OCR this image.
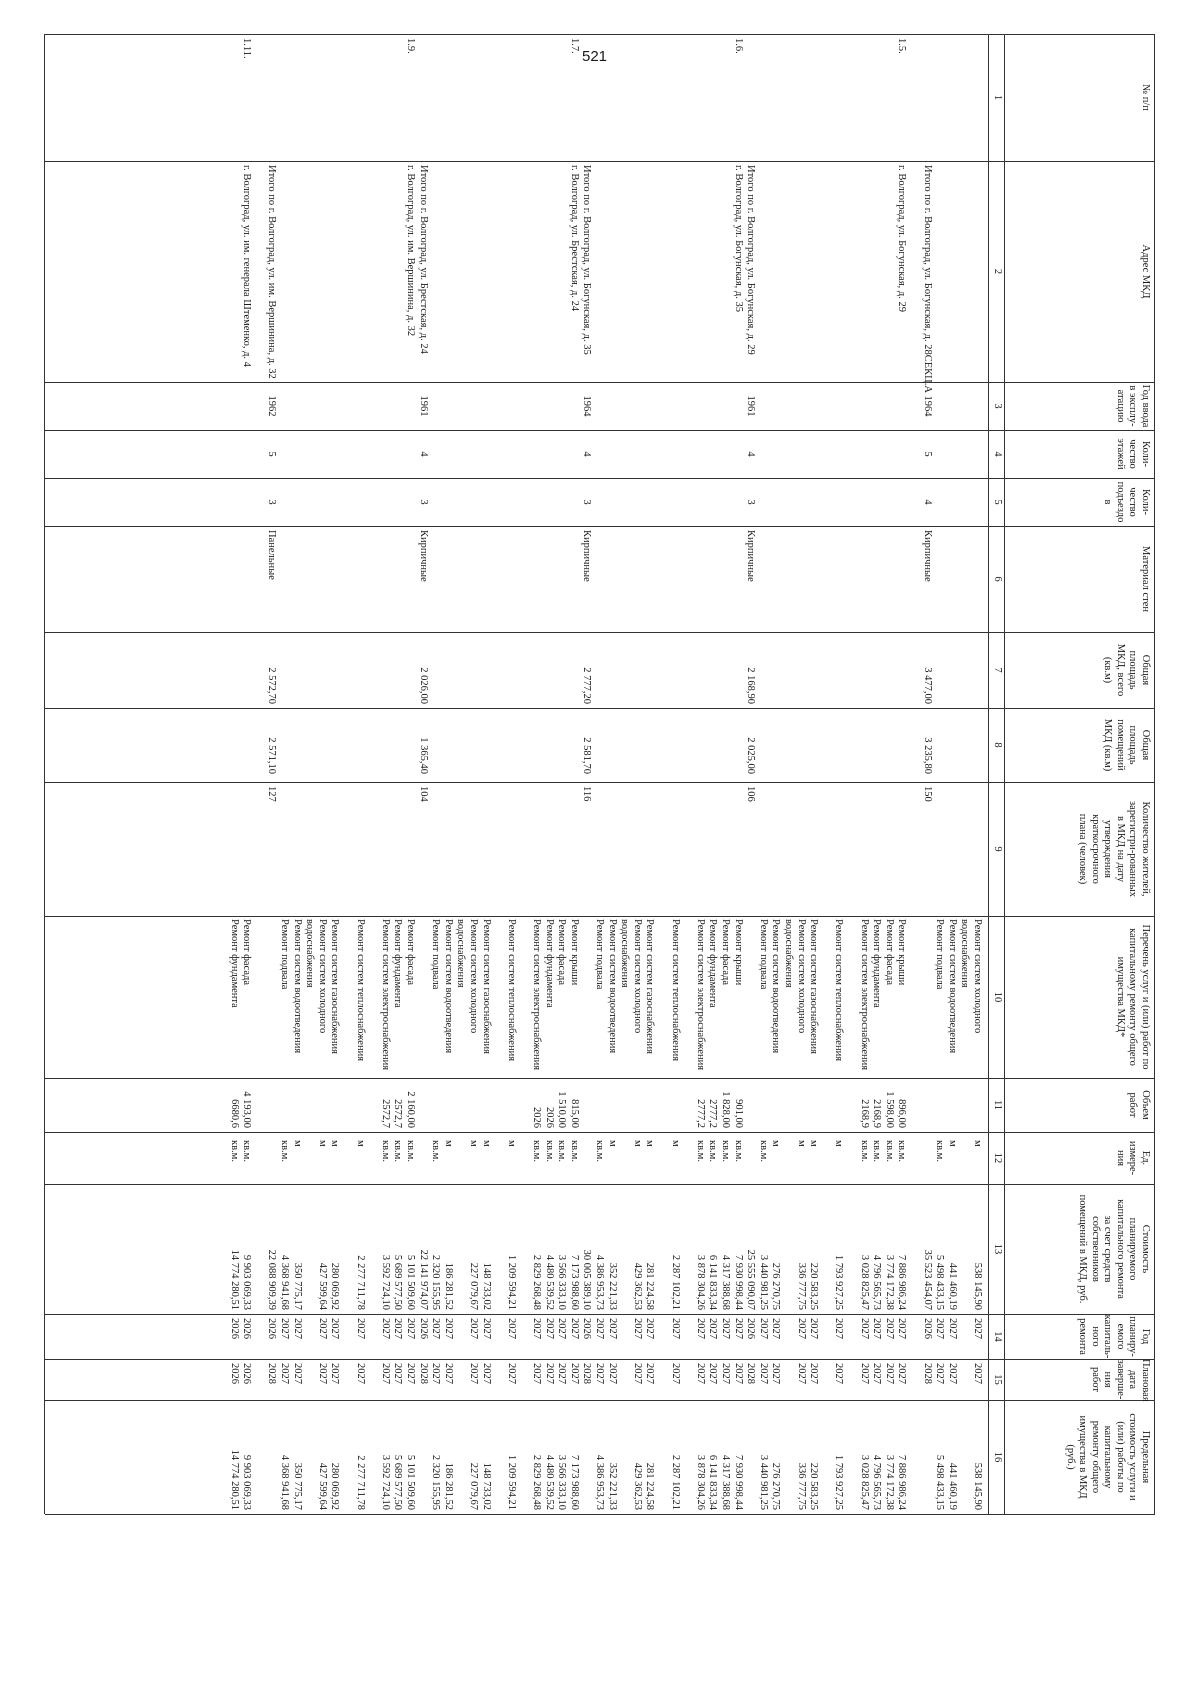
521
№ п/п
Адрес МКД
Год ввода
в эксплу-
атацию
Коли-
чество
этажей
Коли-
чество
подъездо
в
Материал стен
Общая
площадь
МКД, всего
(кв.м)
Общая
площадь
помещений
МКД (кв.м)
Количество жителей,
зарегистри-рованных
в МКД на дату
утверждения
краткосрочного
плана (человек)
Перечень услуг и (или) работ по
капитальному ремонту общего
имущества МКД*
Объем
работ
Ед.
измере-
ния
Стоимость
планируемого
капитального ремонта
за счет средств
собственников
помещений в МКД, руб.
Год
планиру-
емого
капиталь-
ного
ремонта
Плановая
дата
заверше-
ния работ
Предельная
стоимость услуги и
(или) работы по
капитальному
ремонту общего
имущества в МКД
(руб.)
1
2
3
4
5
6
7
8
9
10
11
12
13
14
15
16
Ремонт систем холодного
м
538 145,90
2027
2027
538 145,90
водоснабжения
Ремонт систем водоотведения
м
441 460,19
2027
2027
441 460,19
Ремонт подвала
кв.м.
5 498 433,15
2027
2027
5 498 433,15
Итого по г. Волгоград, ул. Богунская, д. 28СЕКЦ.А
1964
5
4
Кирпичные
3 477,00
3 235,80
150
35 523 454,07
2026
2028
1.5.
г. Волгоград, ул. Богунская, д. 29
Ремонт крыши
896,00
кв.м.
7 886 986,24
2027
2027
7 886 986,24
Ремонт фасада
1 598,00
кв.м.
3 774 172,38
2027
2027
3 774 172,38
Ремонт фундамента
2168,9
кв.м.
4 796 565,73
2027
2027
4 796 565,73
Ремонт систем электроснабжения
2168,9
кв.м.
3 028 825,47
2027
2027
3 028 825,47
Ремонт систем теплоснабжения
м
1 793 927,25
2027
2027
1 793 927,25
Ремонт систем газоснабжения
м
220 583,25
2027
2027
220 583,25
Ремонт систем холодного
м
336 777,75
2027
2027
336 777,75
водоснабжения
Ремонт систем водоотведения
м
276 270,75
2027
2027
276 270,75
Ремонт подвала
кв.м.
3 440 981,25
2027
2027
3 440 981,25
Итого по г. Волгоград, ул. Богунская, д. 29
1961
4
3
Кирпичные
2 168,90
2 025,00
106
25 555 090,07
2026
2028
1.6.
г. Волгоград, ул. Богунская, д. 35
Ремонт крыши
901,00
кв.м.
7 930 998,44
2027
2027
7 930 998,44
Ремонт фасада
1 828,00
кв.м.
4 317 388,68
2027
2027
4 317 388,68
Ремонт фундамента
2777,2
кв.м.
6 141 833,34
2027
2027
6 141 833,34
Ремонт систем электроснабжения
2777,2
кв.м.
3 878 304,26
2027
2027
3 878 304,26
Ремонт систем теплоснабжения
м
2 287 102,21
2027
2027
2 287 102,21
Ремонт систем газоснабжения
м
281 224,58
2027
2027
281 224,58
Ремонт систем холодного
м
429 362,53
2027
2027
429 362,53
водоснабжения
Ремонт систем водоотведения
м
352 221,33
2027
2027
352 221,33
Ремонт подвала
кв.м.
4 386 953,73
2027
2027
4 386 953,73
Итого по г. Волгоград, ул. Богунская, д. 35
1964
4
3
Кирпичные
2 777,20
2 581,70
116
30 005 389,10
2026
2028
1.7.
г. Волгоград, ул. Брестская, д. 24
Ремонт крыши
815,00
кв.м.
7 173 988,60
2027
2027
7 173 988,60
Ремонт фасада
1 510,00
кв.м.
3 566 333,10
2027
2027
3 566 333,10
Ремонт фундамента
2026
кв.м.
4 480 539,52
2027
2027
4 480 539,52
Ремонт систем электроснабжения
2026
кв.м.
2 829 268,48
2027
2027
2 829 268,48
Ремонт систем теплоснабжения
м
1 209 594,21
2027
2027
1 209 594,21
Ремонт систем газоснабжения
м
148 733,02
2027
2027
148 733,02
Ремонт систем холодного
м
227 079,67
2027
2027
227 079,67
водоснабжения
Ремонт систем водоотведения
м
186 281,52
2027
2027
186 281,52
Ремонт подвала
кв.м.
2 320 155,95
2027
2027
2 320 155,95
Итого по г. Волгоград, ул. Брестская, д. 24
1961
4
3
Кирпичные
2 026,00
1 365,40
104
22 141 974,07
2026
2028
1.9.
г. Волгоград, ул. им. Вершинина, д. 32
Ремонт фасада
2 160,00
кв.м.
5 101 509,60
2027
2027
5 101 509,60
Ремонт фундамента
2572,7
кв.м.
5 689 577,50
2027
2027
5 689 577,50
Ремонт систем электроснабжения
2572,7
кв.м.
3 592 724,10
2027
2027
3 592 724,10
Ремонт систем теплоснабжения
м
2 277 711,78
2027
2027
2 277 711,78
Ремонт систем газоснабжения
м
280 069,92
2027
2027
280 069,92
Ремонт систем холодного
м
427 599,64
2027
2027
427 599,64
водоснабжения
Ремонт систем водоотведения
м
350 775,17
2027
2027
350 775,17
Ремонт подвала
кв.м.
4 368 941,68
2027
2027
4 368 941,68
Итого по г. Волгоград, ул. им. Вершинина, д. 32
1962
5
3
Панельные
2 572,70
2 571,10
127
22 088 909,39
2026
2028
1.11.
г. Волгоград, ул. им. генерала Штеменко, д. 4
Ремонт фасада
4 193,00
кв.м.
9 903 069,33
2026
2026
9 903 069,33
Ремонт фундамента
6680,6
кв.м.
14 774 280,51
2026
2026
14 774 280,51
